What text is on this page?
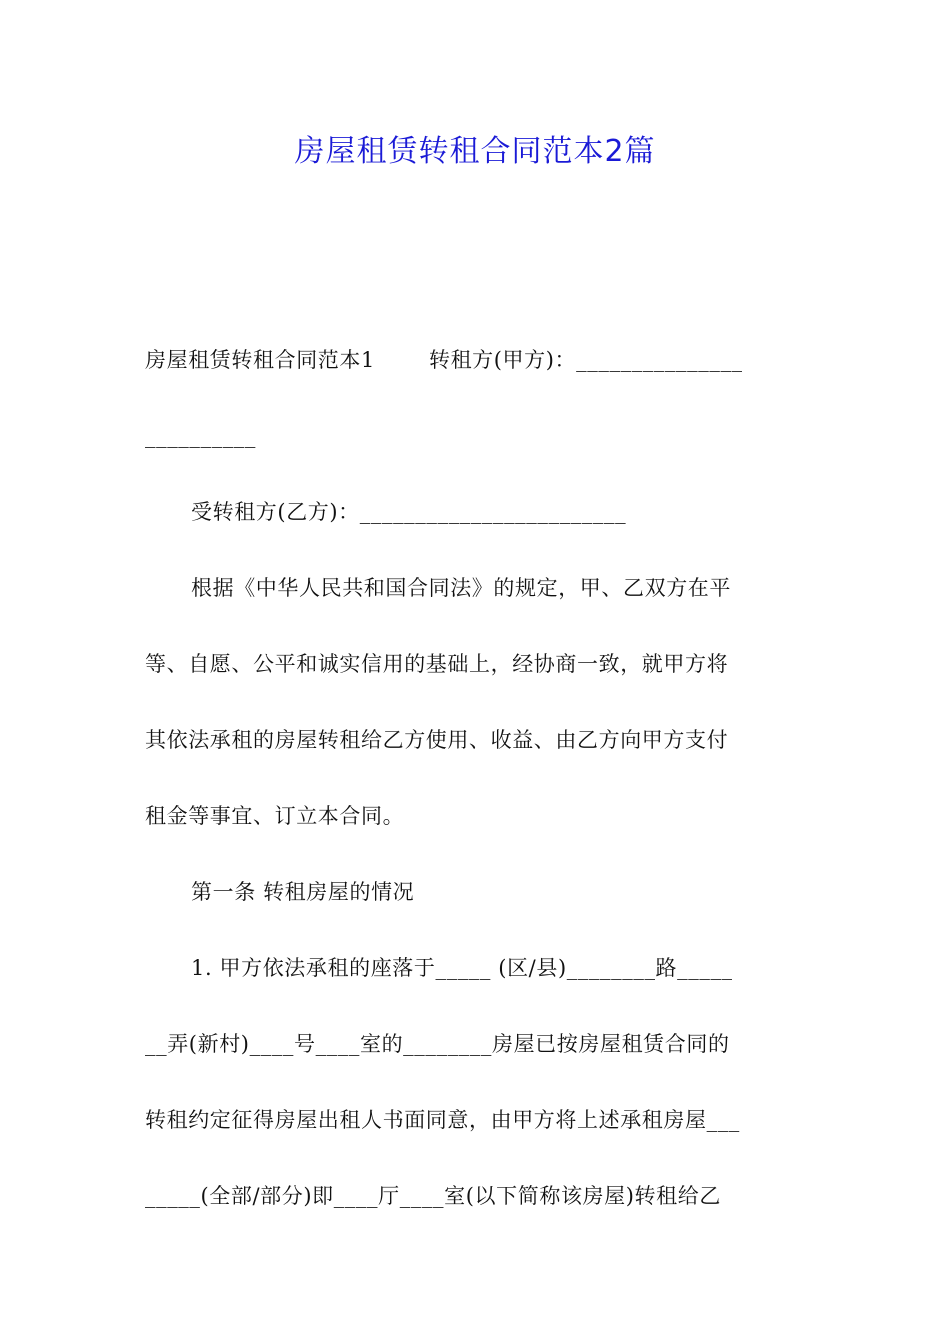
房屋租赁转租合同范本2篇
房屋租赁转租合同范本1	转租方(甲方)：_______________
__________
受转租方(乙方)：________________________
根据《中华人民共和国合同法》的规定，甲、乙双方在平
等、自愿、公平和诚实信用的基础上，经协商一致，就甲方将
其依法承租的房屋转租给乙方使用、收益、由乙方向甲方支付
租金等事宜、订立本合同。
第一条 转租房屋的情况
1. 甲方依法承租的座落于_____ (区/县)________路_____
__弄(新村)____号____室的________房屋已按房屋租赁合同的
转租约定征得房屋出租人书面同意，由甲方将上述承租房屋___
_____(全部/部分)即____厅____室(以下简称该房屋)转租给乙
